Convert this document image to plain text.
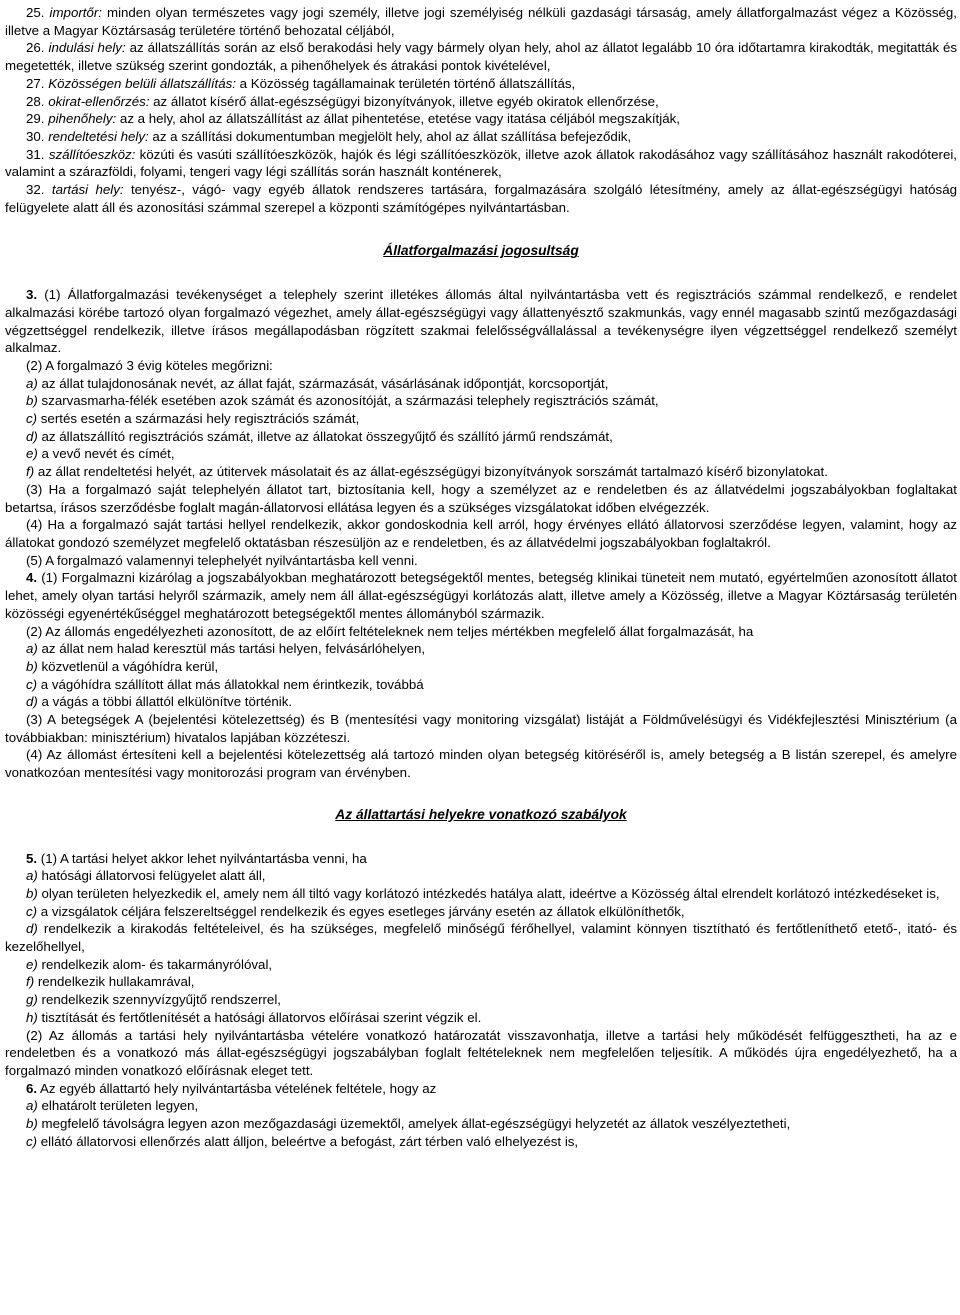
25. importőr: minden olyan természetes vagy jogi személy, illetve jogi személyiség nélküli gazdasági társaság, amely állatforgalmazást végez a Közösség, illetve a Magyar Köztársaság területére történő behozatal céljából,

26. indulási hely: az állatszállítás során az első berakodási hely vagy bármely olyan hely, ahol az állatot legalább 10 óra időtartamra kirakodták, megitatták és megetették, illetve szükség szerint gondozták, a pihenőhelyek és átrakási pontok kivételével,

27. Közösségen belüli állatszállítás: a Közösség tagállamainak területén történő állatszállítás,

28. okirat-ellenőrzés: az állatot kísérő állat-egészségügyi bizonyítványok, illetve egyéb okiratok ellenőrzése,

29. pihenőhely: az a hely, ahol az állatszállítást az állat pihentetése, etetése vagy itatása céljából megszakítják,

30. rendeltetési hely: az a szállítási dokumentumban megjelölt hely, ahol az állat szállítása befejeződik,

31. szállítóeszköz: közúti és vasúti szállítóeszközök, hajók és légi szállítóeszközök, illetve azok állatok rakodásához vagy szállításához használt rakodóterei, valamint a szárazföldi, folyami, tengeri vagy légi szállítás során használt konténerek,

32. tartási hely: tenyész-, vágó- vagy egyéb állatok rendszeres tartására, forgalmazására szolgáló létesítmény, amely az állat-egészségügyi hatóság felügyelete alatt áll és azonosítási számmal szerepel a központi számítógépes nyilvántartásban.

Állatforgalmazási jogosultság

3. (1) Állatforgalmazási tevékenységet a telephely szerint illetékes állomás által nyilvántartásba vett és regisztrációs számmal rendelkező, e rendelet alkalmazási körébe tartozó olyan forgalmazó végezhet, amely állat-egészségügyi vagy állattenyésztő szakmunkás, vagy ennél magasabb szintű mezőgazdasági végzettséggel rendelkezik, illetve írásos megállapodásban rögzített szakmai felelősségvállalással a tevékenységre ilyen végzettséggel rendelkező személyt alkalmaz.

(2) A forgalmazó 3 évig köteles megőrizni:

a) az állat tulajdonosának nevét, az állat faját, származását, vásárlásának időpontját, korcsoportját,

b) szarvasmarha-félék esetében azok számát és azonosítóját, a származási telephely regisztrációs számát,

c) sertés esetén a származási hely regisztrációs számát,

d) az állatszállító regisztrációs számát, illetve az állatokat összegyűjtő és szállító jármű rendszámát,

e) a vevő nevét és címét,

f) az állat rendeltetési helyét, az útitervek másolatait és az állat-egészségügyi bizonyítványok sorszámát tartalmazó kísérő bizonylatokat.

(3) Ha a forgalmazó saját telephelyén állatot tart, biztosítania kell, hogy a személyzet az e rendeletben és az állatvédelmi jogszabályokban foglaltakat betartsa, írásos szerződésbe foglalt magán-állatorvosi ellátása legyen és a szükséges vizsgálatokat időben elvégezzék.

(4) Ha a forgalmazó saját tartási hellyel rendelkezik, akkor gondoskodnia kell arról, hogy érvényes ellátó állatorvosi szerződése legyen, valamint, hogy az állatokat gondozó személyzet megfelelő oktatásban részesüljön az e rendeletben, és az állatvédelmi jogszabályokban foglaltakról.

(5) A forgalmazó valamennyi telephelyét nyilvántartásba kell venni.

4. (1) Forgalmazni kizárólag a jogszabályokban meghatározott betegségektől mentes, betegség klinikai tüneteit nem mutató, egyértelműen azonosított állatot lehet, amely olyan tartási helyről származik, amely nem áll állat-egészségügyi korlátozás alatt, illetve amely a Közösség, illetve a Magyar Köztársaság területén közösségi egyenértékűséggel meghatározott betegségektől mentes állományból származik.

(2) Az állomás engedélyezheti azonosított, de az előírt feltételeknek nem teljes mértékben megfelelő állat forgalmazását, ha

a) az állat nem halad keresztül más tartási helyen, felvásárlóhelyen,

b) közvetlenül a vágóhídra kerül,

c) a vágóhídra szállított állat más állatokkal nem érintkezik, továbbá

d) a vágás a többi állattól elkülönítve történik.

(3) A betegségek A (bejelentési kötelezettség) és B (mentesítési vagy monitoring vizsgálat) listáját a Földművelésügyi és Vidékfejlesztési Minisztérium (a továbbiakban: minisztérium) hivatalos lapjában közzéteszi.

(4) Az állomást értesíteni kell a bejelentési kötelezettség alá tartozó minden olyan betegség kitöréséről is, amely betegség a B listán szerepel, és amelyre vonatkozóan mentesítési vagy monitorozási program van érvényben.

Az állattartási helyekre vonatkozó szabályok

5. (1) A tartási helyet akkor lehet nyilvántartásba venni, ha

a) hatósági állatorvosi felügyelet alatt áll,

b) olyan területen helyezkedik el, amely nem áll tiltó vagy korlátozó intézkedés hatálya alatt, ideértve a Közösség által elrendelt korlátozó intézkedéseket is,

c) a vizsgálatok céljára felszereltséggel rendelkezik és egyes esetleges járvány esetén az állatok elkülöníthetők,

d) rendelkezik a kirakodás feltételeivel, és ha szükséges, megfelelő minőségű férőhellyel, valamint könnyen tisztítható és fertőtleníthető etető-, itató- és kezelőhellyel,

e) rendelkezik alom- és takarmányrólóval,

f) rendelkezik hullakamrával,

g) rendelkezik szennyvízgyűjtő rendszerrel,

h) tisztítását és fertőtlenítését a hatósági állatorvos előírásai szerint végzik el.

(2) Az állomás a tartási hely nyilvántartásba vételére vonatkozó határozatát visszavonhatja, illetve a tartási hely működését felfüggesztheti, ha az e rendeletben és a vonatkozó más állat-egészségügyi jogszabályban foglalt feltételeknek nem megfelelően teljesítik. A működés újra engedélyezhető, ha a forgalmazó minden vonatkozó előírásnak eleget tett.

6. Az egyéb állattartó hely nyilvántartásba vételének feltétele, hogy az

a) elhatárolt területen legyen,

b) megfelelő távolságra legyen azon mezőgazdasági üzemektől, amelyek állat-egészségügyi helyzetét az állatok veszélyeztetheti,

c) ellátó állatorvosi ellenőrzés alatt álljon, beleértve a befogást, zárt térben való elhelyezést is,
